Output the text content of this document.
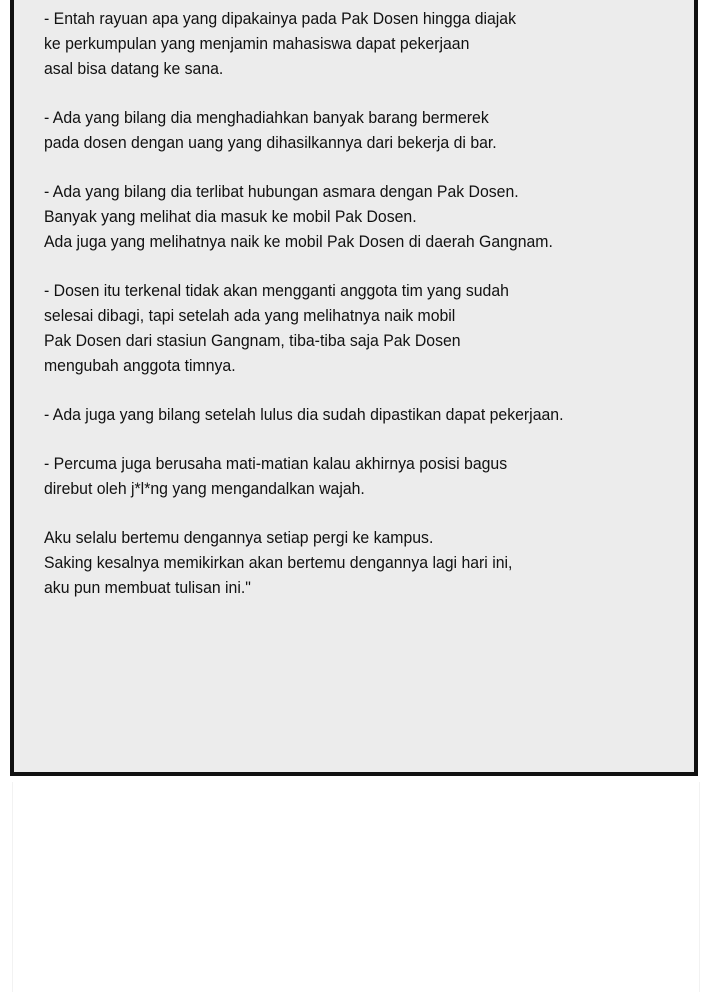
- Entah rayuan apa yang dipakainya pada Pak Dosen hingga diajak
ke perkumpulan yang menjamin mahasiswa dapat pekerjaan
asal bisa datang ke sana.
- Ada yang bilang dia menghadiahkan banyak barang bermerek
pada dosen dengan uang yang dihasilkannya dari bekerja di bar.
- Ada yang bilang dia terlibat hubungan asmara dengan Pak Dosen.
Banyak yang melihat dia masuk ke mobil Pak Dosen.
Ada juga yang melihatnya naik ke mobil Pak Dosen di daerah Gangnam.
- Dosen itu terkenal tidak akan mengganti anggota tim yang sudah
selesai dibagi, tapi setelah ada yang melihatnya naik mobil
Pak Dosen dari stasiun Gangnam, tiba-tiba saja Pak Dosen
mengubah anggota timnya.
- Ada juga yang bilang setelah lulus dia sudah dipastikan dapat pekerjaan.
- Percuma juga berusaha mati-matian kalau akhirnya posisi bagus
direbut oleh j*l*ng yang mengandalkan wajah.
Aku selalu bertemu dengannya setiap pergi ke kampus.
Saking kesalnya memikirkan akan bertemu dengannya lagi hari ini,
aku pun membuat tulisan ini."
